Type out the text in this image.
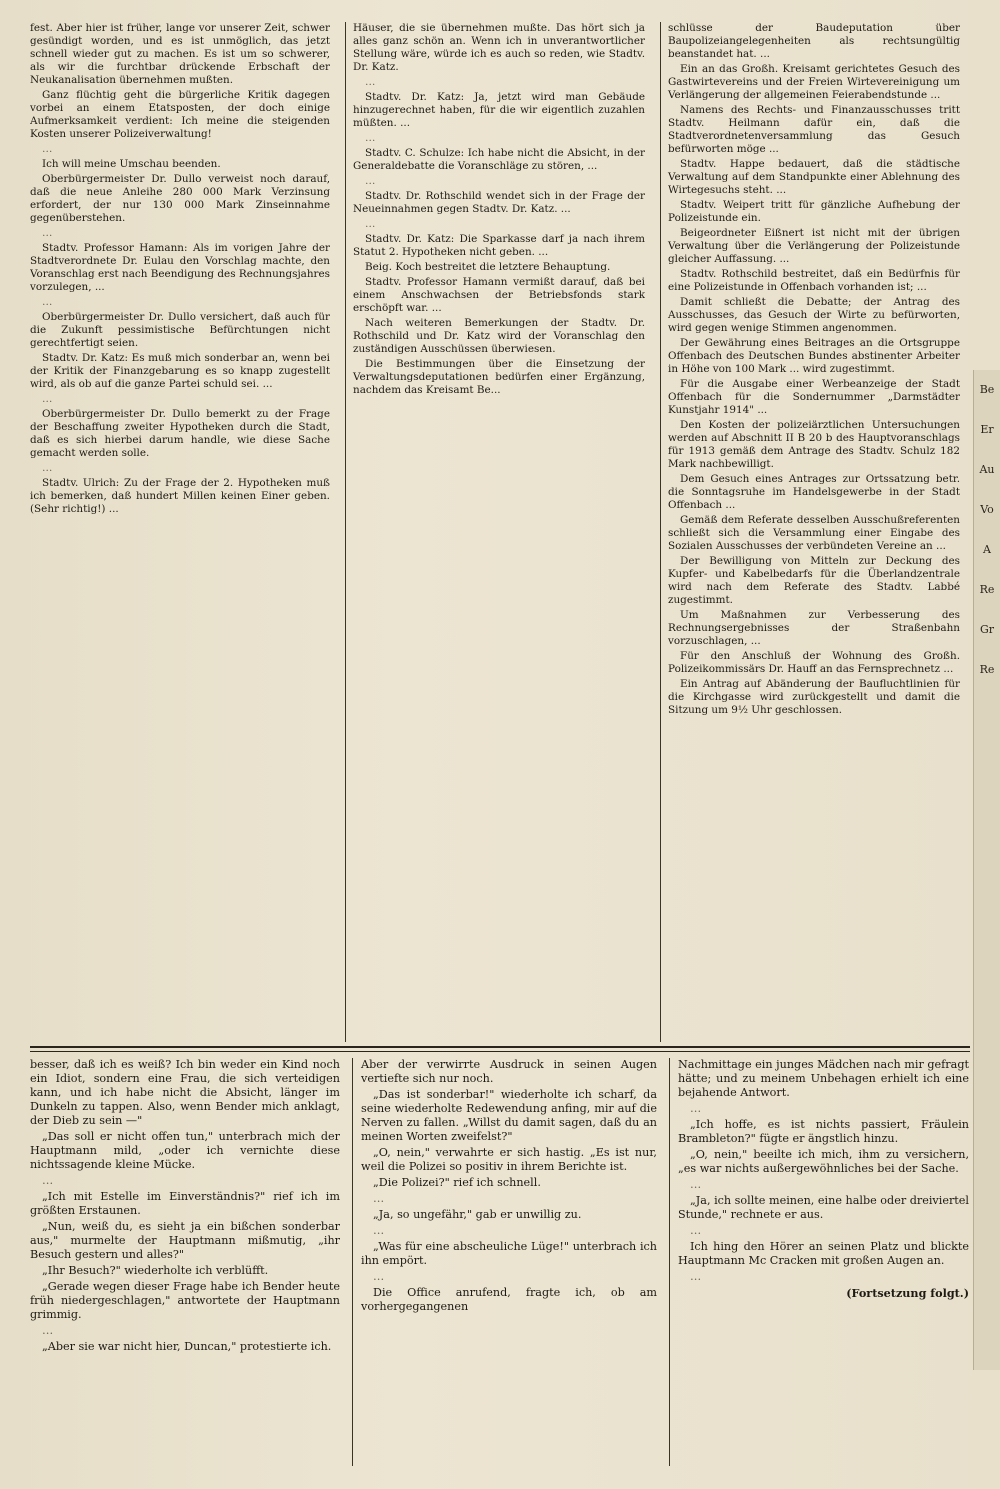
fest. Aber hier ist früher, lange vor unserer Zeit, schwer gesündigt worden, und es ist unmöglich, das jetzt schnell wieder gut zu machen. Es ist um so schwerer, als wir die furchtbar drückende Erbschaft der Neukanalisation übernehmen mußten.

Ganz flüchtig geht die bürgerliche Kritik dagegen vorbei an einem Etatsposten, der doch einige Aufmerksamkeit verdient: Ich meine die steigenden Kosten unserer Polizeiverwaltung!

…

Ich will meine Umschau beenden.

Oberbürgermeister Dr. Dullo verweist noch darauf, daß die neue Anleihe 280 000 Mark Verzinsung erfordert, der nur 130 000 Mark Zinseinnahme gegenüberstehen.

…

Stadtv. Professor Hamann: Als im vorigen Jahre der Stadtverordnete Dr. Eulau den Vorschlag machte, den Voranschlag erst nach Beendigung des Rechnungsjahres vorzulegen, ...

…

Oberbürgermeister Dr. Dullo versichert, daß auch für die Zukunft pessimistische Befürchtungen nicht gerechtfertigt seien.

Stadtv. Dr. Katz: Es muß mich sonderbar an, wenn bei der Kritik der Finanzgebarung es so knapp zugestellt wird, als ob auf die ganze Partei schuld sei. ...

…

Oberbürgermeister Dr. Dullo bemerkt zu der Frage der Beschaffung zweiter Hypotheken durch die Stadt, daß es sich hierbei darum handle, wie diese Sache gemacht werden solle.

…

Stadtv. Ulrich: Zu der Frage der 2. Hypotheken muß ich bemerken, daß hundert Millen keinen Einer geben. (Sehr richtig!) ...

Häuser, die sie übernehmen mußte. Das hört sich ja alles ganz schön an. Wenn ich in unverantwortlicher Stellung wäre, würde ich es auch so reden, wie Stadtv. Dr. Katz.

…

Stadtv. Dr. Katz: Ja, jetzt wird man Gebäude hinzugerechnet haben, für die wir eigentlich zuzahlen müßten. ...

…

Stadtv. C. Schulze: Ich habe nicht die Absicht, in der Generaldebatte die Voranschläge zu stören, ...

…

Stadtv. Dr. Rothschild wendet sich in der Frage der Neueinnahmen gegen Stadtv. Dr. Katz. ...

…

Stadtv. Dr. Katz: Die Sparkasse darf ja nach ihrem Statut 2. Hypotheken nicht geben. ...

Beig. Koch bestreitet die letztere Behauptung.

Stadtv. Professor Hamann vermißt darauf, daß bei einem Anschwachsen der Betriebsfonds stark erschöpft war. ...

Nach weiteren Bemerkungen der Stadtv. Dr. Rothschild und Dr. Katz wird der Voranschlag den zuständigen Ausschüssen überwiesen.

Die Bestimmungen über die Einsetzung der Verwaltungsdeputationen bedürfen einer Ergänzung, nachdem das Kreisamt Be...

schlüsse der Baudeputation über Baupolizeiangelegenheiten als rechtsungültig beanstandet hat. ...

Ein an das Großh. Kreisamt gerichtetes Gesuch des Gastwirtevereins und der Freien Wirtevereinigung um Verlängerung der allgemeinen Feierabendstunde ...

Namens des Rechts- und Finanzausschusses tritt Stadtv. Heilmann dafür ein, daß die Stadtverordnetenversammlung das Gesuch befürworten möge ...

Stadtv. Happe bedauert, daß die städtische Verwaltung auf dem Standpunkte einer Ablehnung des Wirtegesuchs steht. ...

Stadtv. Weipert tritt für gänzliche Aufhebung der Polizeistunde ein.

Beigeordneter Eißnert ist nicht mit der übrigen Verwaltung über die Verlängerung der Polizeistunde gleicher Auffassung. ...

Stadtv. Rothschild bestreitet, daß ein Bedürfnis für eine Polizeistunde in Offenbach vorhanden ist; ...

Damit schließt die Debatte; der Antrag des Ausschusses, das Gesuch der Wirte zu befürworten, wird gegen wenige Stimmen angenommen.

Der Gewährung eines Beitrages an die Ortsgruppe Offenbach des Deutschen Bundes abstinenter Arbeiter in Höhe von 100 Mark ... wird zugestimmt.

Für die Ausgabe einer Werbeanzeige der Stadt Offenbach für die Sondernummer „Darmstädter Kunstjahr 1914" ...

Den Kosten der polizeiärztlichen Untersuchungen werden auf Abschnitt II B 20 b des Hauptvoranschlags für 1913 gemäß dem Antrage des Stadtv. Schulz 182 Mark nachbewilligt.

Dem Gesuch eines Antrages zur Ortssatzung betr. die Sonntagsruhe im Handelsgewerbe in der Stadt Offenbach ...

Gemäß dem Referate desselben Ausschußreferenten schließt sich die Versammlung einer Eingabe des Sozialen Ausschusses der verbündeten Vereine an ...

Der Bewilligung von Mitteln zur Deckung des Kupfer- und Kabelbedarfs für die Überlandzentrale wird nach dem Referate des Stadtv. Labbé zugestimmt.

Um Maßnahmen zur Verbesserung des Rechnungsergebnisses der Straßenbahn vorzuschlagen, ...

Für den Anschluß der Wohnung des Großh. Polizeikommissärs Dr. Hauff an das Fernsprechnetz ...

Ein Antrag auf Abänderung der Baufluchtlinien für die Kirchgasse wird zurückgestellt und damit die Sitzung um 9½ Uhr geschlossen.

besser, daß ich es weiß? Ich bin weder ein Kind noch ein Idiot, sondern eine Frau, die sich verteidigen kann, und ich habe nicht die Absicht, länger im Dunkeln zu tappen. Also, wenn Bender mich anklagt, der Dieb zu sein —"

„Das soll er nicht offen tun," unterbrach mich der Hauptmann mild, „oder ich vernichte diese nichtssagende kleine Mücke.

…

„Ich mit Estelle im Einverständnis?" rief ich im größten Erstaunen.

„Nun, weiß du, es sieht ja ein bißchen sonderbar aus," murmelte der Hauptmann mißmutig, „ihr Besuch gestern und alles?"

„Ihr Besuch?" wiederholte ich verblüfft.

„Gerade wegen dieser Frage habe ich Bender heute früh niedergeschlagen," antwortete der Hauptmann grimmig.

…

„Aber sie war nicht hier, Duncan," protestierte ich.

Aber der verwirrte Ausdruck in seinen Augen vertiefte sich nur noch.

„Das ist sonderbar!" wiederholte ich scharf, da seine wiederholte Redewendung anfing, mir auf die Nerven zu fallen. „Willst du damit sagen, daß du an meinen Worten zweifelst?"

„O, nein," verwahrte er sich hastig. „Es ist nur, weil die Polizei so positiv in ihrem Berichte ist.

„Die Polizei?" rief ich schnell.

…

„Ja, so ungefähr," gab er unwillig zu.

…

„Was für eine abscheuliche Lüge!" unterbrach ich ihn empört.

…

Die Office anrufend, fragte ich, ob am vorhergegangenen

Nachmittage ein junges Mädchen nach mir gefragt hätte; und zu meinem Unbehagen erhielt ich eine bejahende Antwort.

…

„Ich hoffe, es ist nichts passiert, Fräulein Brambleton?" fügte er ängstlich hinzu.

„O, nein," beeilte ich mich, ihm zu versichern, „es war nichts außergewöhnliches bei der Sache.

…

„Ja, ich sollte meinen, eine halbe oder dreiviertel Stunde," rechnete er aus.

…

Ich hing den Hörer an seinen Platz und blickte Hauptmann Mc Cracken mit großen Augen an.

…

(Fortsetzung folgt.)

Be
Er
Au
Vo
A
Re
Gr
Re
